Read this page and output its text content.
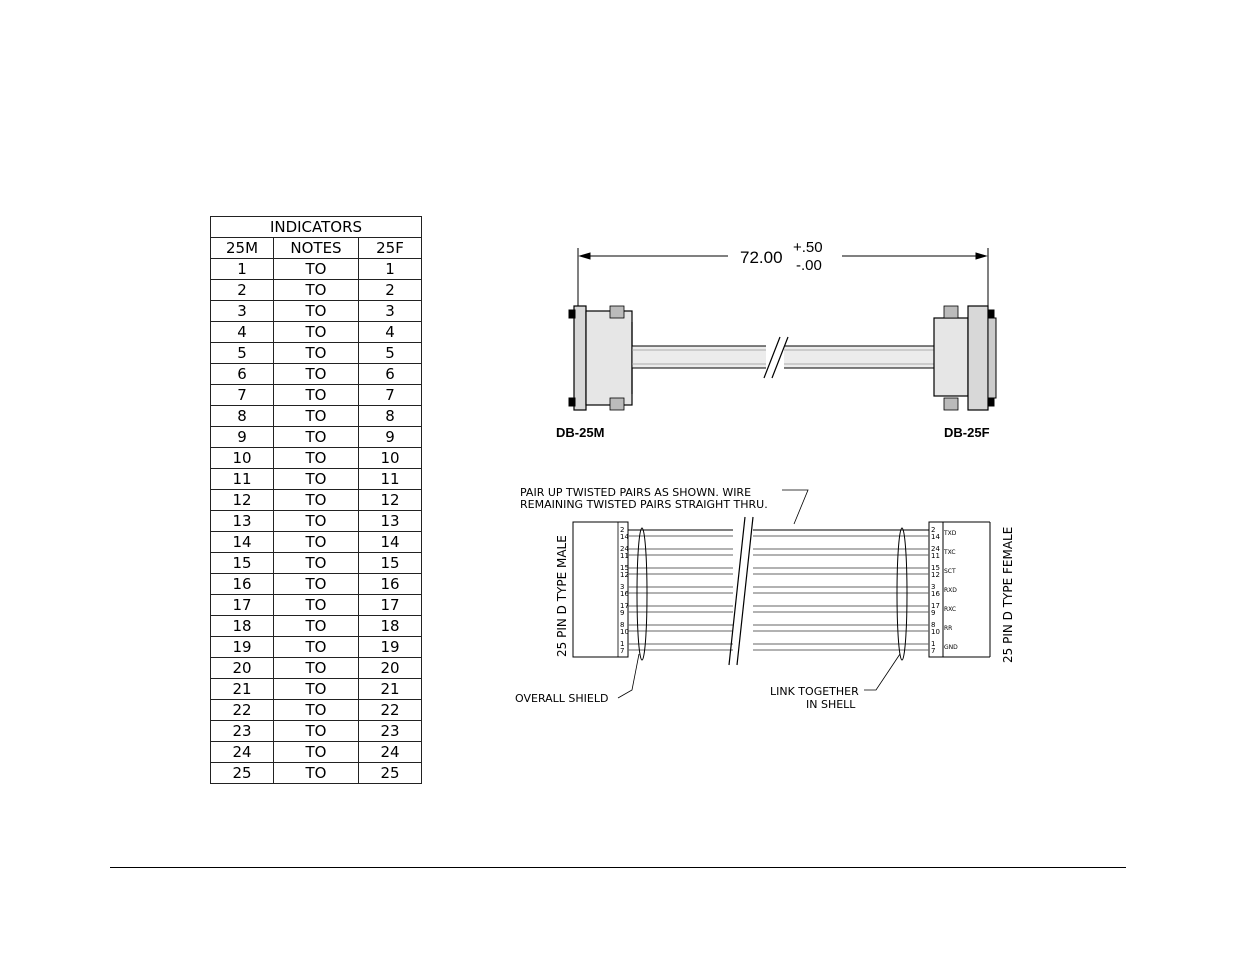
INDICATORS		
25M	NOTES	25F
1	TO	1
2	TO	2
3	TO	3
4	TO	4
5	TO	5
6	TO	6
7	TO	7
8	TO	8
9	TO	9
10	TO	10
11	TO	11
12	TO	12
13	TO	13
14	TO	14
15	TO	15
16	TO	16
17	TO	17
18	TO	18
19	TO	19
20	TO	20
21	TO	21
22	TO	22
23	TO	23
24	TO	24
25	TO	25
72.00
+.50
-.00
DB-25M	DB-25F
2
14
2
14 TXD
24
11
24
11 TXC
15
12
15
12 SCT
3
16
3
16 RXD
17
9
17
9 RXC
8
10
8
10 RR
1
7
1
7 GND
PAIR UP TWISTED PAIRS AS SHOWN. WIRE
REMAINING TWISTED PAIRS STRAIGHT THRU.
25 PIN D TYPE MALE	25 PIN D TYPE FEMALE
OVERALL SHIELD
LINK TOGETHER
IN SHELL
